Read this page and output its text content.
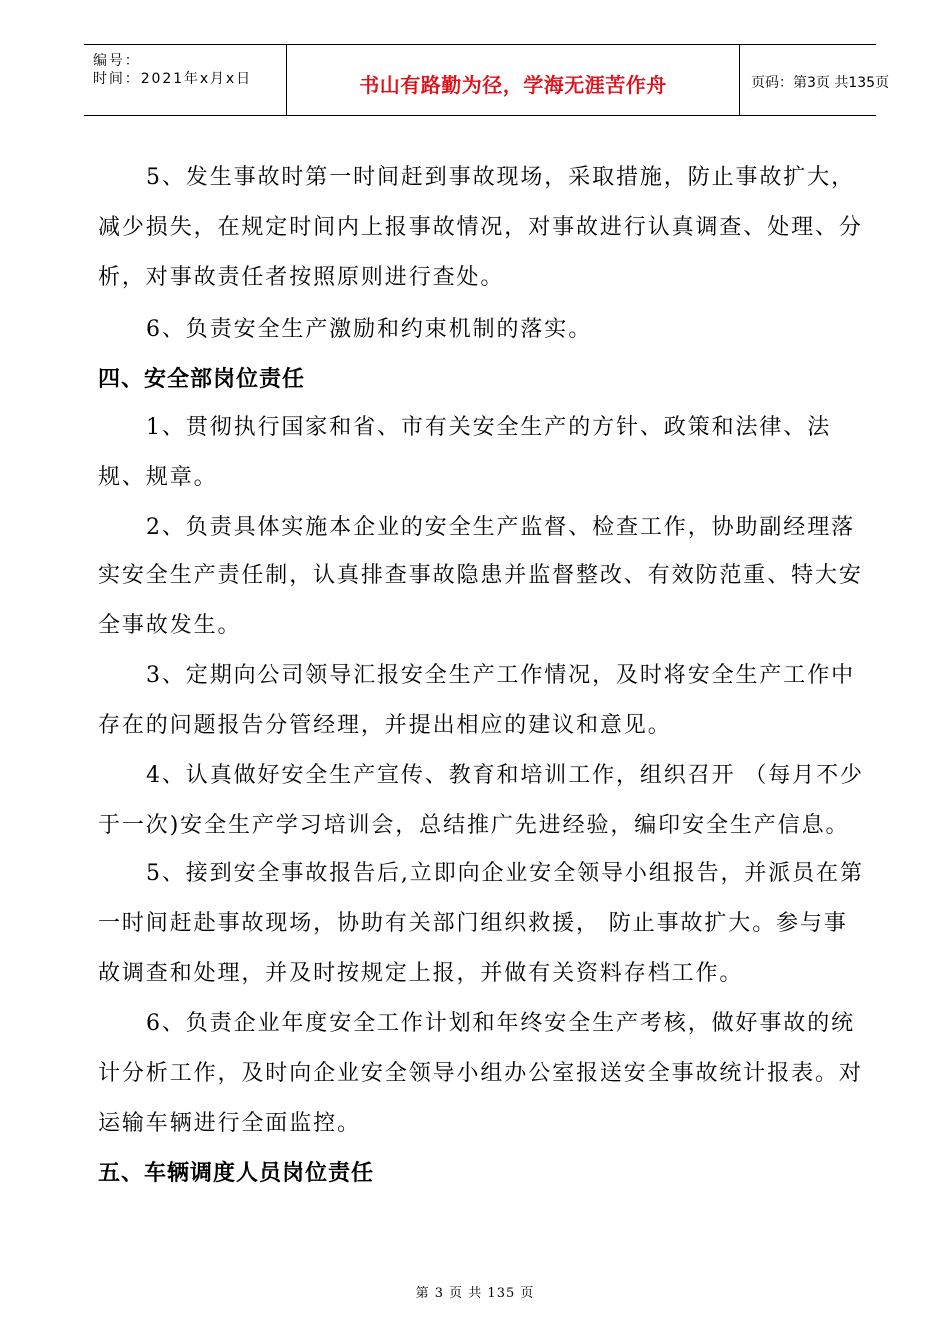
编号：
时间：2021年x月x日	书山有路勤为径，学海无涯苦作舟	页码：第3页 共135页
5、发生事故时第一时间赶到事故现场，采取措施，防止事故扩大，
减少损失，在规定时间内上报事故情况，对事故进行认真调查、处理、分
析，对事故责任者按照原则进行查处。
6、负责安全生产激励和约束机制的落实。
四、安全部岗位责任
1、贯彻执行国家和省、市有关安全生产的方针、政策和法律、法
规、规章。
2、负责具体实施本企业的安全生产监督、检查工作，协助副经理落
实安全生产责任制，认真排查事故隐患并监督整改、有效防范重、特大安
全事故发生。
3、定期向公司领导汇报安全生产工作情况，及时将安全生产工作中
存在的问题报告分管经理，并提出相应的建议和意见。
4、认真做好安全生产宣传、教育和培训工作，组织召开 （每月不少
于一次)安全生产学习培训会，总结推广先进经验，编印安全生产信息。
5、接到安全事故报告后,立即向企业安全领导小组报告，并派员在第
一时间赶赴事故现场，协助有关部门组织救援， 防止事故扩大。参与事
故调查和处理，并及时按规定上报，并做有关资料存档工作。
6、负责企业年度安全工作计划和年终安全生产考核，做好事故的统
计分析工作，及时向企业安全领导小组办公室报送安全事故统计报表。对
运输车辆进行全面监控。
五、车辆调度人员岗位责任
第 3 页 共 135 页
